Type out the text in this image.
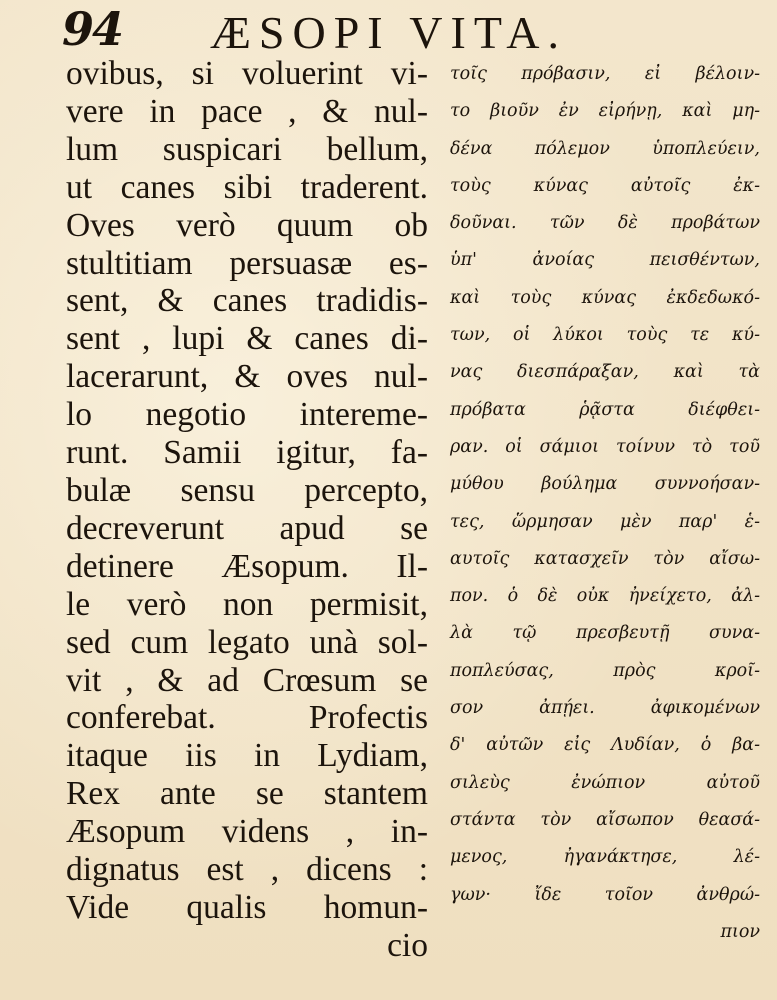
94 ÆSOPI VITA.
ovibus, si voluerint vi-
vere in pace , & nul-
lum suspicari bellum,
ut canes sibi traderent.
Oves verò quum ob
stultitiam persuasæ es-
sent, & canes tradidis-
sent , lupi & canes di-
lacerarunt, & oves nul-
lo negotio intereme-
runt. Samii igitur, fa-
bulæ sensu percepto,
decreverunt apud se
detinere Æsopum. Il-
le verò non permisit,
sed cum legato unà sol-
vit , & ad Crœsum se
conferebat. Profectis
itaque iis in Lydiam,
Rex ante se stantem
Æsopum videns , in-
dignatus est , dicens :
Vide qualis homun-
cio
τοῖς πρόβασιν, εἰ βέλοιν-
το βιοῦν ἐν εἰρήνῃ, καὶ μη-
δένα πόλεμον ὑποπλεύειν,
τοὺς κύνας αὐτοῖς ἐκ-
δοῦναι. τῶν δὲ προβάτων
ὑπ' ἀνοίας πεισθέντων,
καὶ τοὺς κύνας ἐκδεδωκό-
των, οἱ λύκοι τοὺς τε κύ-
νας διεσπάραξαν, καὶ τὰ
πρόβατα ῥᾷστα διέφθει-
ραν. οἱ σάμιοι τοίνυν τὸ τοῦ
μύθου βούλημα συννοήσαν-
τες, ὥρμησαν μὲν παρ' ἑ-
αυτοῖς κατασχεῖν τὸν αἴσω-
πον. ὁ δὲ οὐκ ἠνείχετο, ἀλ-
λὰ τῷ πρεσβευτῇ συνα-
ποπλεύσας, πρὸς κροῖ-
σον ἀπῄει. ἀφικομένων
δ' αὐτῶν εἰς Λυδίαν, ὁ βα-
σιλεὺς ἐνώπιον αὐτοῦ
στάντα τὸν αἴσωπον θεασά-
μενος, ἠγανάκτησε, λέ-
γων· ἴδε τοῖον ἀνθρώ-
πιον
